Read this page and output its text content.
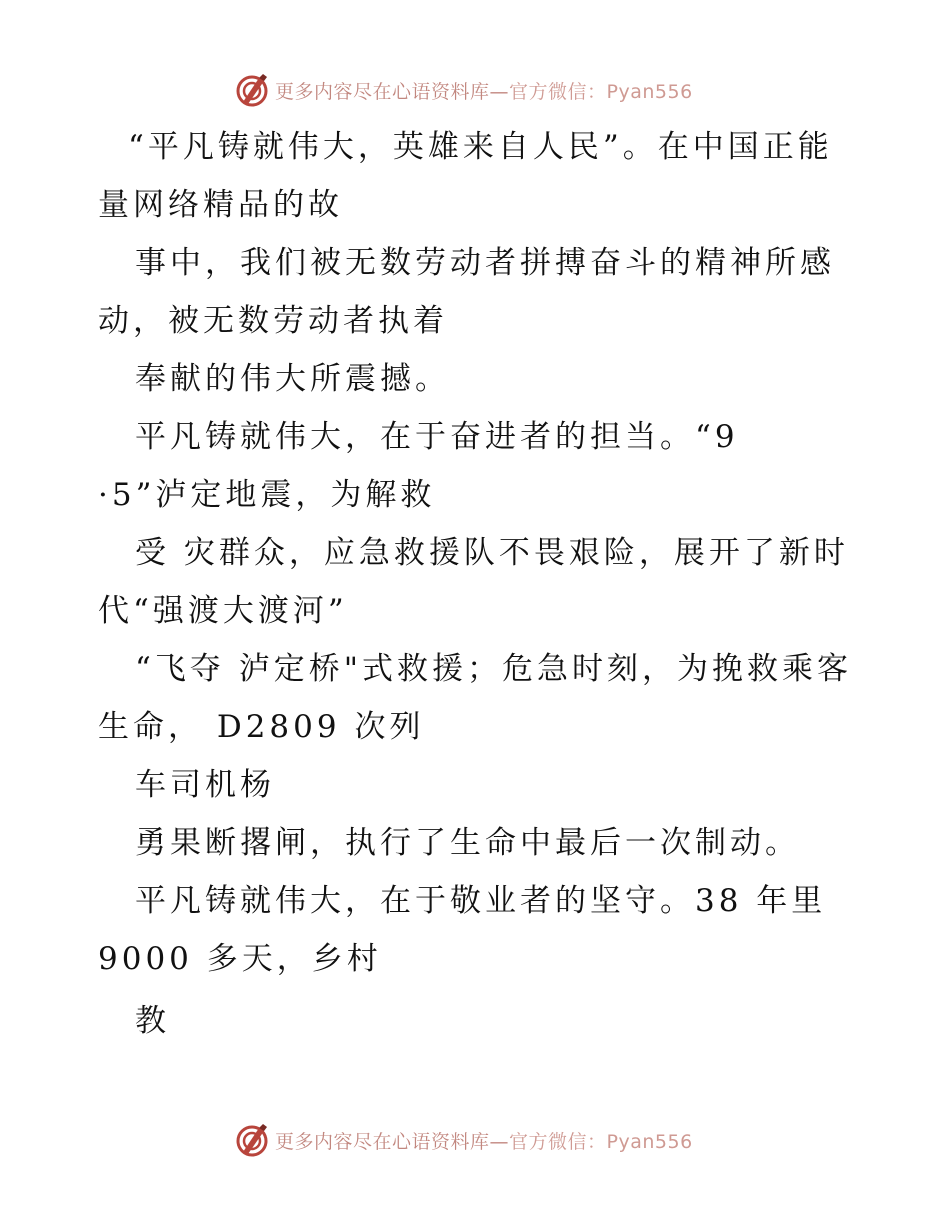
更多内容尽在心语资料库—官方微信：Pyan556
“平凡铸就伟大，英雄来自人民”。在中国正能
量网络精品的故
事中，我们被无数劳动者拼搏奋斗的精神所感
动，被无数劳动者执着
奉献的伟大所震撼。
平凡铸就伟大，在于奋进者的担当。“9
·5”泸定地震，为解救
受 灾群众，应急救援队不畏艰险，展开了新时
代“强渡大渡河”
“飞夺 泸定桥"式救援；危急时刻，为挽救乘客
生命， D2809 次列
车司机杨
勇果断撂闸，执行了生命中最后一次制动。
平凡铸就伟大，在于敬业者的坚守。38 年里
9000 多天，乡村
教
更多内容尽在心语资料库—官方微信：Pyan556
